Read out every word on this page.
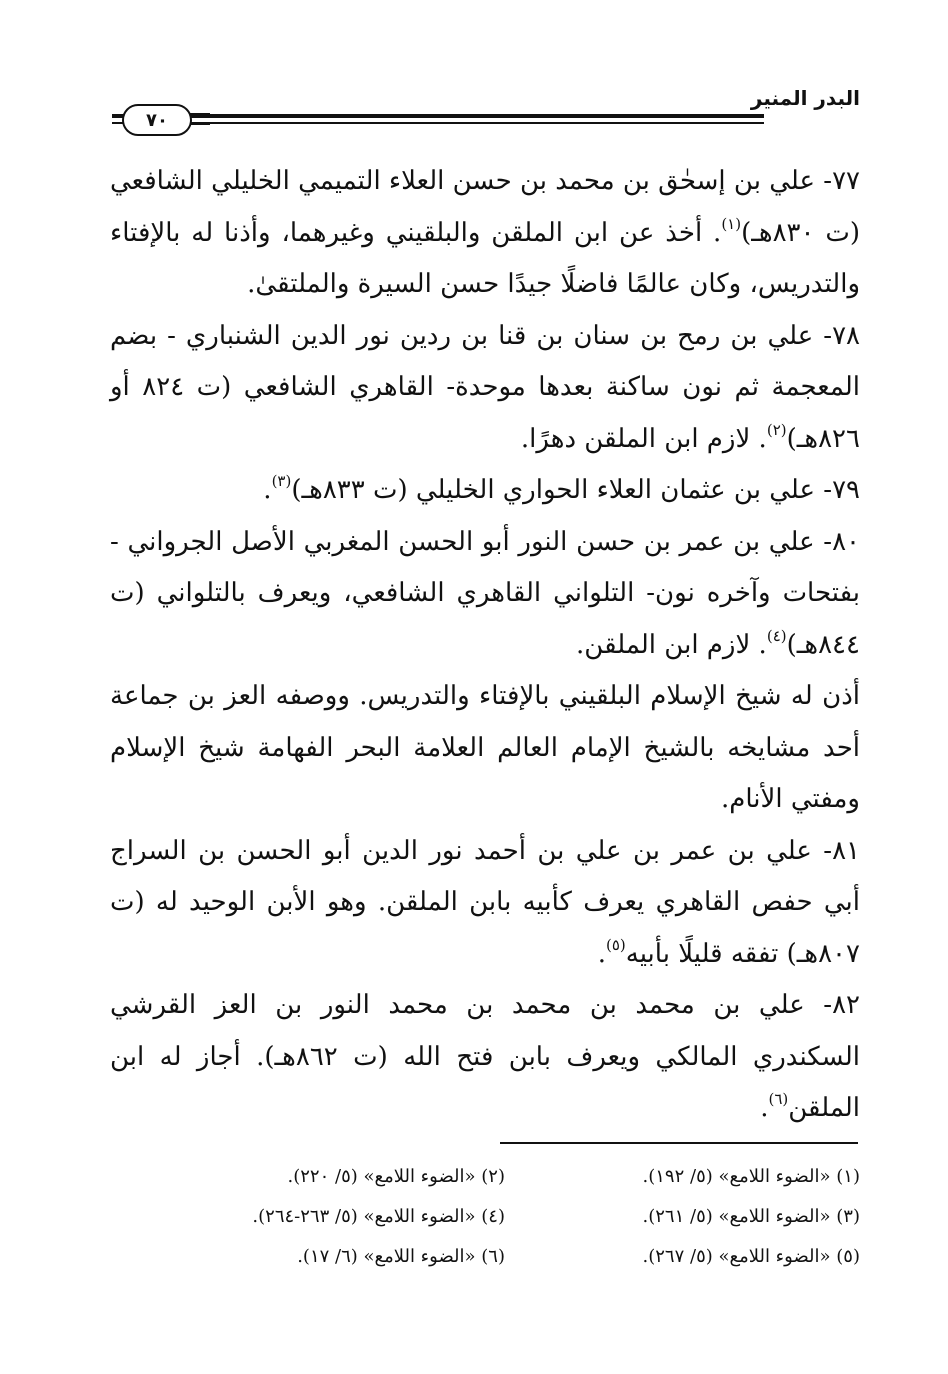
٧٠
البدر المنير

٧٧- علي بن إسحٰق بن محمد بن حسن العلاء التميمي الخليلي الشافعي (ت ٨٣٠هـ)$^{(١)}$. أخذ عن ابن الملقن والبلقيني وغيرهما، وأذنا له بالإفتاء والتدريس، وكان عالمًا فاضلًا جيدًا حسن السيرة والملتقىٰ.

٧٨- علي بن رمح بن سنان بن قنا بن ردين نور الدين الشنباري - بضم المعجمة ثم نون ساكنة بعدها موحدة- القاهري الشافعي (ت ٨٢٤ أو ٨٢٦هـ)$^{(٢)}$. لازم ابن الملقن دهرًا.

٧٩- علي بن عثمان العلاء الحواري الخليلي (ت ٨٣٣هـ)$^{(٣)}$.

٨٠- علي بن عمر بن حسن النور أبو الحسن المغربي الأصل الجرواني - بفتحات وآخره نون- التلواني القاهري الشافعي، ويعرف بالتلواني (ت ٨٤٤هـ)$^{(٤)}$. لازم ابن الملقن.

أذن له شيخ الإسلام البلقيني بالإفتاء والتدريس. ووصفه العز بن جماعة أحد مشايخه بالشيخ الإمام العالم العلامة البحر الفهامة شيخ الإسلام ومفتي الأنام.

٨١- علي بن عمر بن علي بن أحمد نور الدين أبو الحسن بن السراج أبي حفص القاهري يعرف كأبيه بابن الملقن. وهو الأبن الوحيد له (ت ٨٠٧هـ) تفقه قليلًا بأبيه$^{(٥)}$.

٨٢- علي بن محمد بن محمد بن محمد النور بن العز القرشي السكندري المالكي ويعرف بابن فتح الله (ت ٨٦٢هـ). أجاز له ابن الملقن$^{(٦)}$.

(١) «الضوء اللامع» (٥/ ١٩٢).
(٢) «الضوء اللامع» (٥/ ٢٢٠).
(٣) «الضوء اللامع» (٥/ ٢٦١).
(٤) «الضوء اللامع» (٥/ ٢٦٣-٢٦٤).
(٥) «الضوء اللامع» (٥/ ٢٦٧).
(٦) «الضوء اللامع» (٦/ ١٧).
